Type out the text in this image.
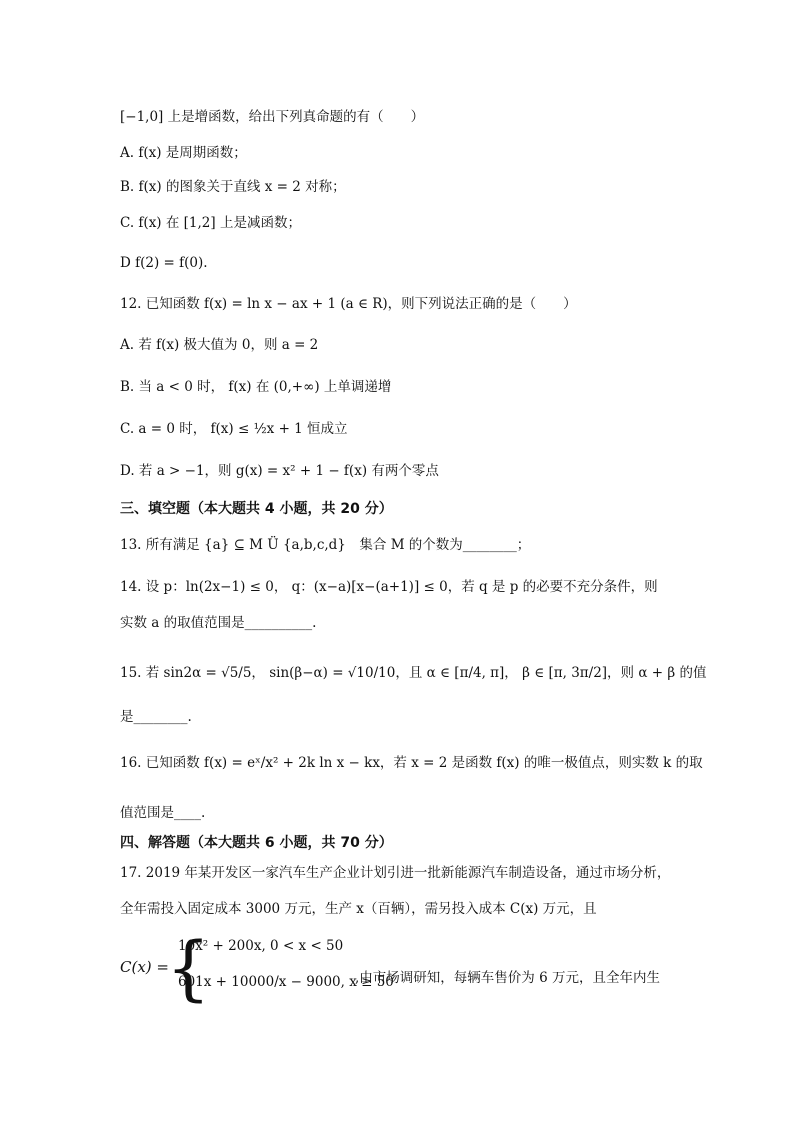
[−1,0] 上是增函数，给出下列真命题的有（　　）
A. f(x) 是周期函数；
B. f(x) 的图象关于直线 x = 2 对称；
C. f(x) 在 [1,2] 上是减函数；
D f(2) = f(0).
12. 已知函数 f(x) = ln x − ax + 1 (a ∈ R)，则下列说法正确的是（　　）
A. 若 f(x) 极大值为 0，则 a = 2
B. 当 a < 0 时， f(x) 在 (0,+∞) 上单调递增
C. a = 0 时， f(x) ≤ ½x + 1 恒成立
D. 若 a > −1，则 g(x) = x² + 1 − f(x) 有两个零点
三、填空题（本大题共 4 小题，共 20 分）
13. 所有满足 {a} ⊆ M Ü {a,b,c,d}　集合 M 的个数为________；
14. 设 p：ln(2x−1) ≤ 0， q：(x−a)[x−(a+1)] ≤ 0，若 q 是 p 的必要不充分条件，则
实数 a 的取值范围是__________.
15. 若 sin2α = √5/5， sin(β−α) = √10/10，且 α ∈ [π/4, π]， β ∈ [π, 3π/2]，则 α + β 的值
是________.
16. 已知函数 f(x) = eˣ/x² + 2k ln x − kx，若 x = 2 是函数 f(x) 的唯一极值点，则实数 k 的取
值范围是____.
四、解答题（本大题共 6 小题，共 70 分）
17. 2019 年某开发区一家汽车生产企业计划引进一批新能源汽车制造设备，通过市场分析，
全年需投入固定成本 3000 万元，生产 x（百辆），需另投入成本 C(x) 万元，且
C(x) =
{
10x² + 200x, 0 < x < 50
601x + 10000/x − 9000, x ≥ 50
,由市场调研知，每辆车售价为 6 万元，且全年内生
